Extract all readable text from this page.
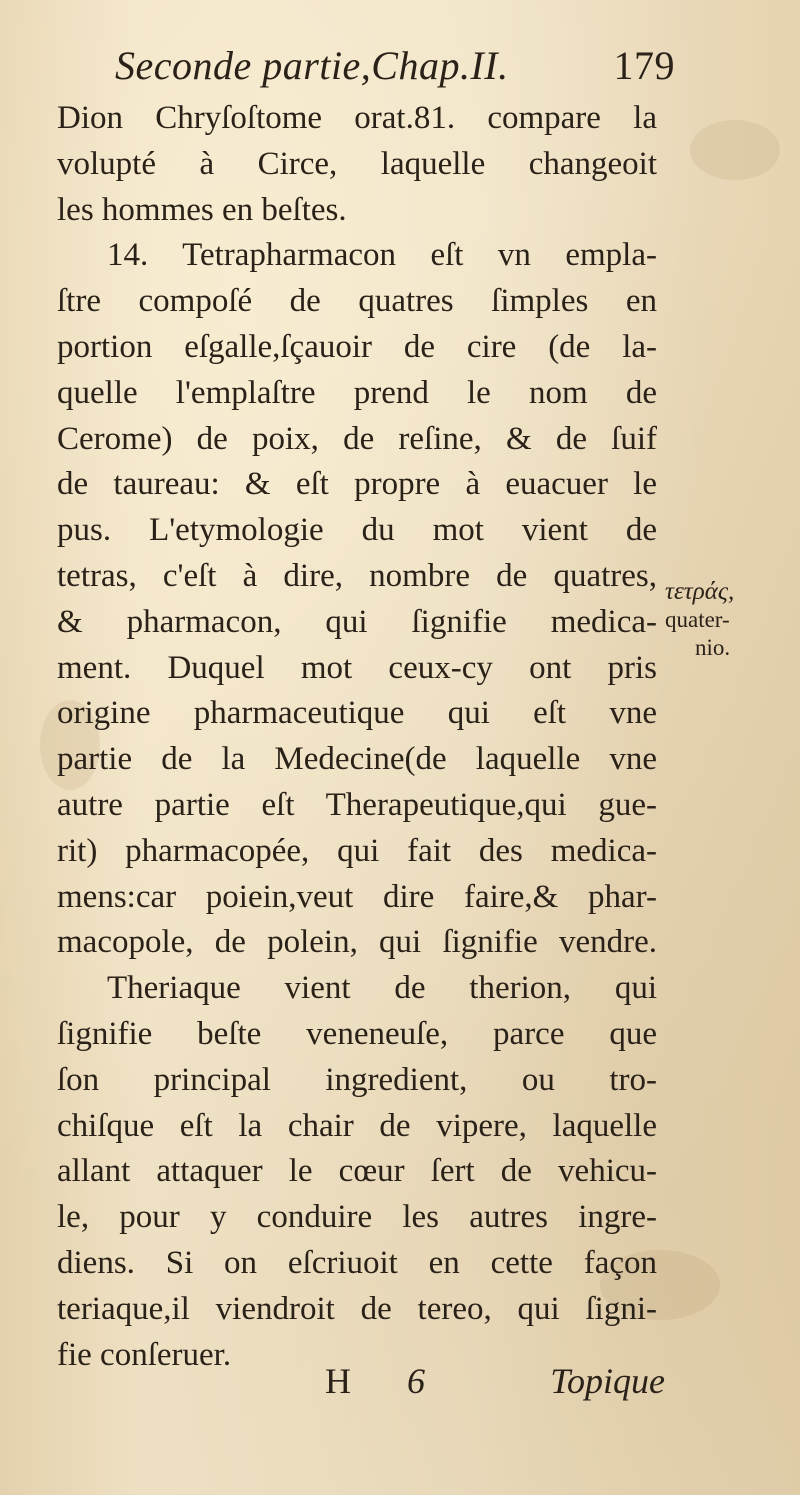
Seconde partie,Chap.II.	179
Dion Chryſoſtome orat.81. compare la
volupté à Circe, laquelle changeoit
les hommes en beſtes.
14. Tetrapharmacon eſt vn empla-
ſtre compoſé de quatres ſimples en
portion eſgalle,ſçauoir de cire (de la-
quelle l'emplaſtre prend le nom de
Cerome) de poix, de reſine, & de ſuif
de taureau: & eſt propre à euacuer le
pus. L'etymologie du mot vient de
tetras, c'eſt à dire, nombre de quatres,
& pharmacon, qui ſignifie medica-
ment. Duquel mot ceux-cy ont pris
origine pharmaceutique qui eſt vne
partie de la Medecine(de laquelle vne
autre partie eſt Therapeutique,qui gue-
rit) pharmacopée, qui fait des medica-
mens:car poiein,veut dire faire,& phar-
macopole, de polein, qui ſignifie vendre.
Theriaque vient de therion, qui
ſignifie beſte veneneuſe, parce que
ſon principal ingredient, ou tro-
chiſque eſt la chair de vipere, laquelle
allant attaquer le cœur ſert de vehicu-
le, pour y conduire les autres ingre-
diens. Si on eſcriuoit en cette façon
teriaque,il viendroit de tereo, qui ſigni-
fie conſeruer.
τετράς,
quater-
nio.
H 6	Topique
